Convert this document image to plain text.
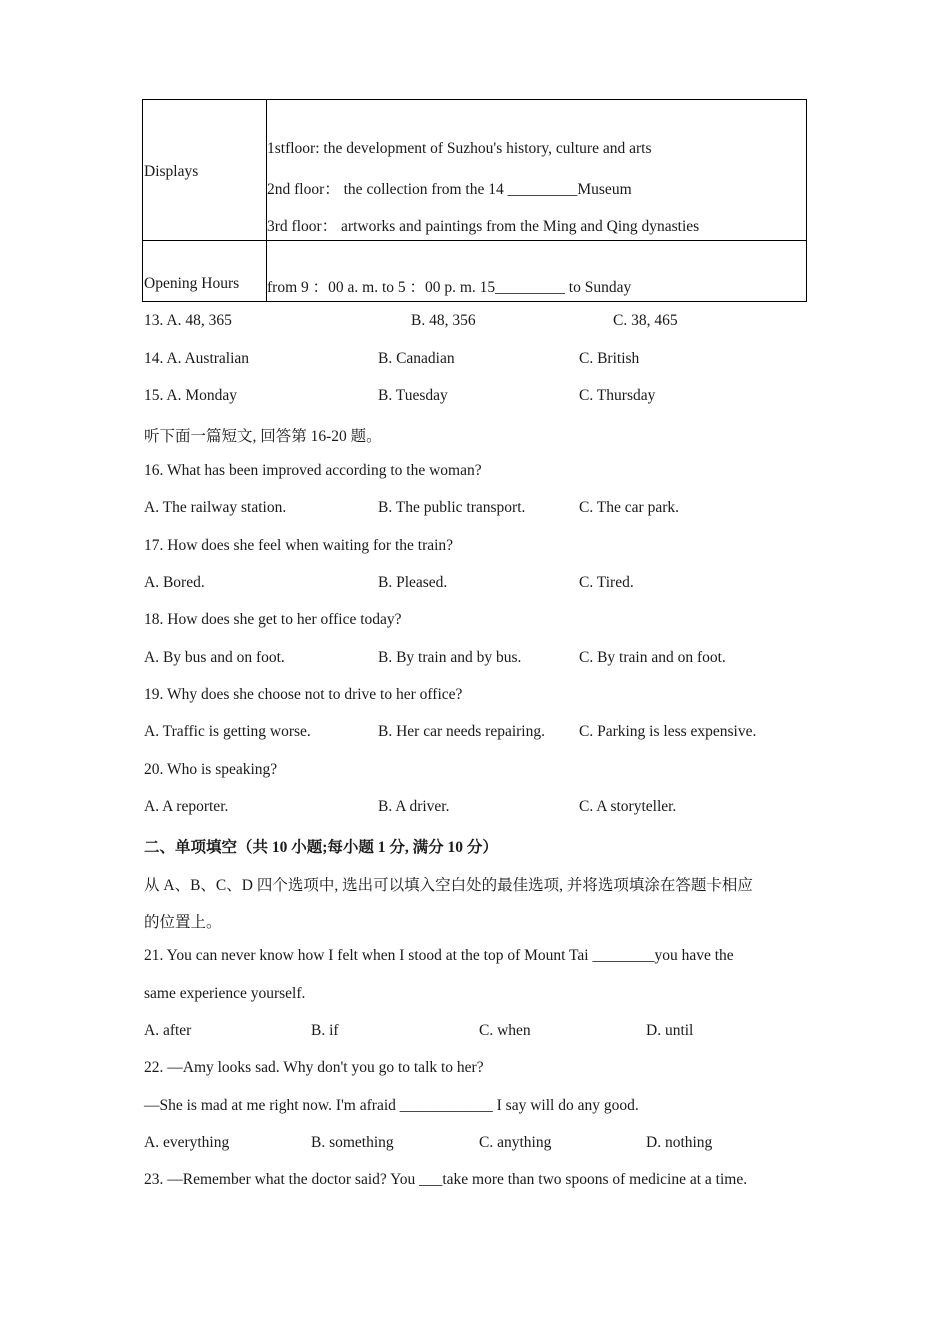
Displays	1stfloor: the development of Suzhou's history, culture and arts
2nd floor： the collection from the 14 _________Museum
3rd floor： artworks and paintings from the Ming and Qing dynasties

Opening Hours	from 9 ：00 a. m. to 5 ：00 p. m. 15_________ to Sunday
13. A. 48, 365	B. 48, 356	C. 38, 465
14. A. Australian	B. Canadian	C. British
15. A. Monday	B. Tuesday	C. Thursday
听下面一篇短文, 回答第 16-20 题。
16. What has been improved according to the woman?
A. The railway station.	B. The public transport.	C. The car park.
17. How does she feel when waiting for the train?
A. Bored.	B. Pleased.	C. Tired.
18. How does she get to her office today?
A. By bus and on foot.	B. By train and by bus.	C. By train and on foot.
19. Why does she choose not to drive to her office?
A. Traffic is getting worse.	B. Her car needs repairing. C. Parking is less expensive.
20. Who is speaking?
A. A reporter.	B. A driver.	C. A storyteller.
二、单项填空（共 10 小题;每小题 1 分, 满分 10 分）
从 A、B、C、D 四个选项中, 选出可以填入空白处的最佳选项, 并将选项填涂在答题卡相应
的位置上。
21. You can never know how I felt when I stood at the top of Mount Tai ________you have the
same experience yourself.
A. after	B. if	C. when	D. until
22. —Amy looks sad. Why don't you go to talk to her?
—She is mad at me right now. I'm afraid ____________ I say will do any good.
A. everything	B. something	C. anything	D. nothing
23. —Remember what the doctor said? You ___take more than two spoons of medicine at a time.
